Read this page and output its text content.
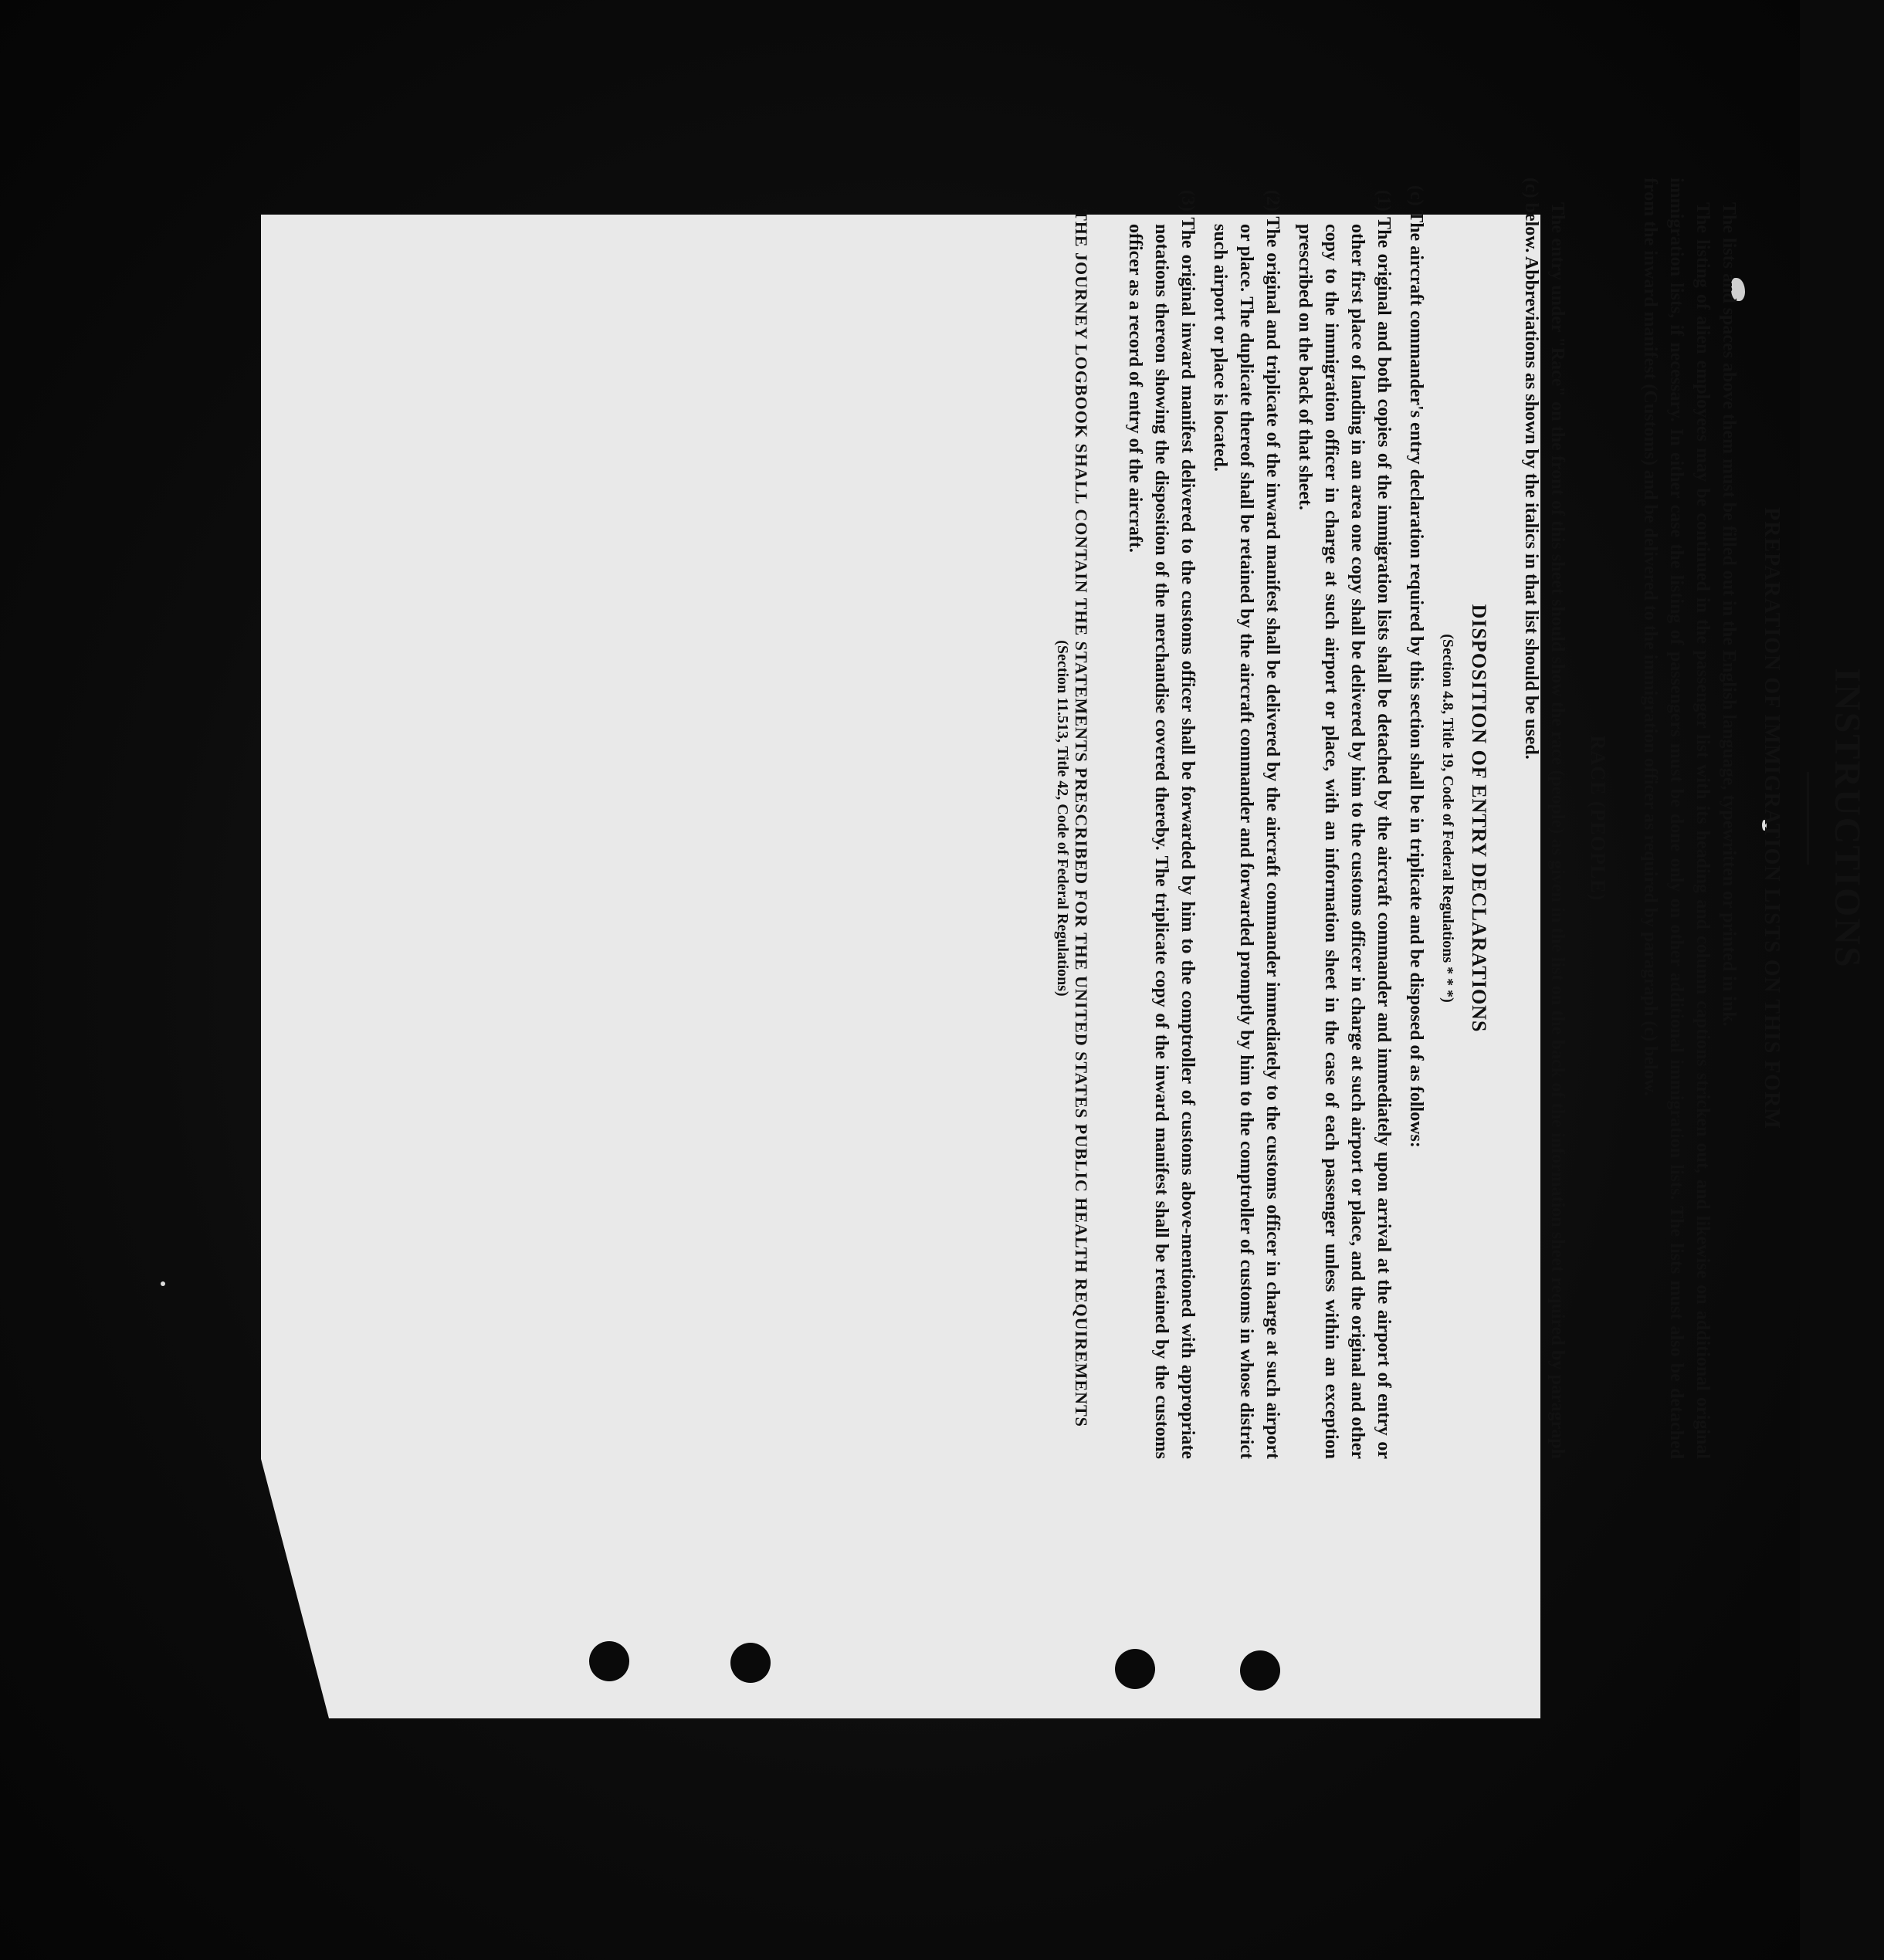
INSTRUCTIONS
PREPARATION OF IMMIGRATION LISTS ON THIS FORM

The lists and spaces above them must be filled out in the English language, typewritten or printed in ink.

The listing of alien employees may be continued in the passenger list with its heading and column captions stricken out, and likewise on additional original immigration lists, if necessary. In either case the listing of passengers must be done only on other additional immigration lists. The lists must also be detached from the inward manifest (Customs) and be delivered to the immigration officer as required by paragraph (c) below.

RACE (PEOPLE)

The entry under "Race" on the front of this sheet should show the race (people) as given in the list on the back of the information sheet required by paragraph (c) below. Abbreviations as shown by the italics in that list should be used.

DISPOSITION OF ENTRY DECLARATIONS
(Section 4.8, Title 19, Code of Federal Regulations * * *)
(c) The aircraft commander's entry declaration required by this section shall be in triplicate and be disposed of as follows:
(1) The original and both copies of the immigration lists shall be detached by the aircraft commander and immediately upon arrival at the airport of entry or other first place of landing in an area one copy shall be delivered by him to the customs officer in charge at such airport or place, and the original and other copy to the immigration officer in charge at such airport or place, with an information sheet in the case of each passenger unless within an exception prescribed on the back of that sheet.
(2) The original and triplicate of the inward manifest shall be delivered by the aircraft commander immediately to the customs officer in charge at such airport or place. The duplicate thereof shall be retained by the aircraft commander and forwarded promptly by him to the comptroller of customs in whose district such airport or place is located.
(3) The original inward manifest delivered to the customs officer shall be forwarded by him to the comptroller of customs above-mentioned with appropriate notations thereon showing the disposition of the merchandise covered thereby. The triplicate copy of the inward manifest shall be retained by the customs officer as a record of entry of the aircraft.
THE JOURNEY LOGBOOK SHALL CONTAIN THE STATEMENTS PRESCRIBED FOR THE UNITED STATES PUBLIC HEALTH REQUIREMENTS
(Section 11.513, Title 42, Code of Federal Regulations)
